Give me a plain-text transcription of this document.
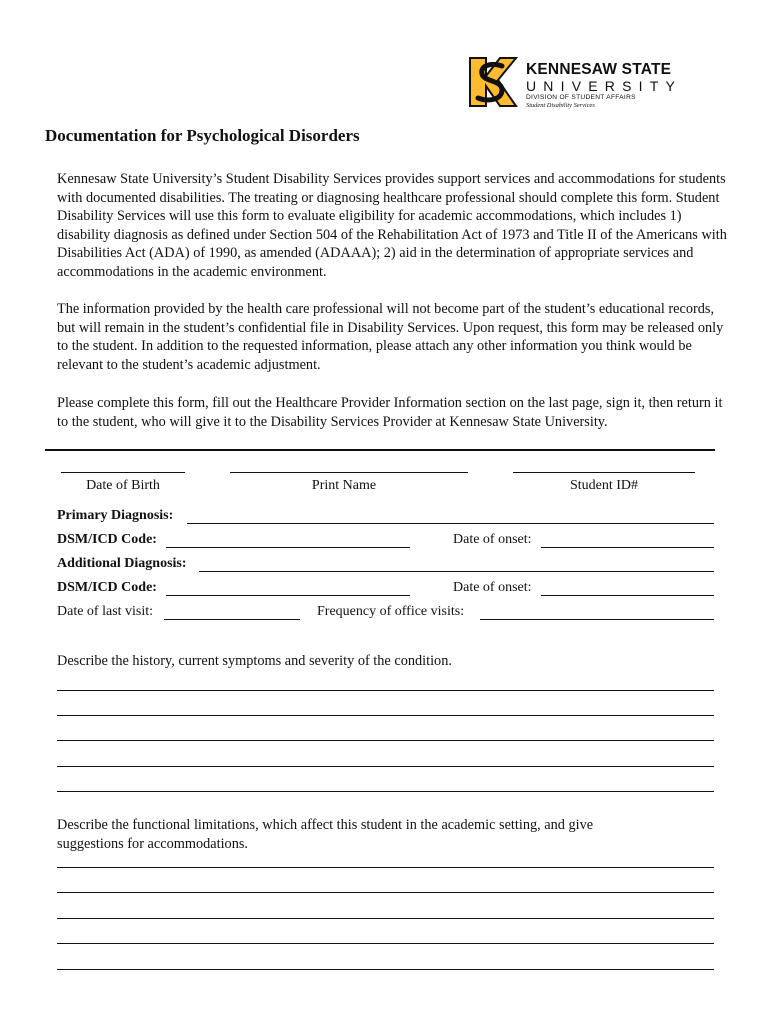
KENNESAW STATE
UNIVERSITY
DIVISION OF STUDENT AFFAIRS
Student Disability Services
Documentation for Psychological Disorders

Kennesaw State University’s Student Disability Services provides support services and accommodations for students with documented disabilities. The treating or diagnosing healthcare professional should complete this form. Student Disability Services will use this form to evaluate eligibility for academic accommodations, which includes 1) disability diagnosis as defined under Section 504 of the Rehabilitation Act of 1973 and Title II of the Americans with Disabilities Act (ADA) of 1990, as amended (ADAAA); 2) aid in the determination of appropriate services and accommodations in the academic environment.

The information provided by the health care professional will not become part of the student’s educational records, but will remain in the student’s confidential file in Disability Services. Upon request, this form may be released only to the student. In addition to the requested information, please attach any other information you think would be relevant to the student’s academic adjustment.

Please complete this form, fill out the Healthcare Provider Information section on the last page, sign it, then return it to the student, who will give it to the Disability Services Provider at Kennesaw State University.

Date of Birth	Print Name	Student ID#
Primary Diagnosis:
DSM/ICD Code:	Date of onset:
Additional Diagnosis:
DSM/ICD Code:	Date of onset:
Date of last visit:	Frequency of office visits:

Describe the history, current symptoms and severity of the condition.

Describe the functional limitations, which affect this student in the academic setting, and give suggestions for accommodations.
